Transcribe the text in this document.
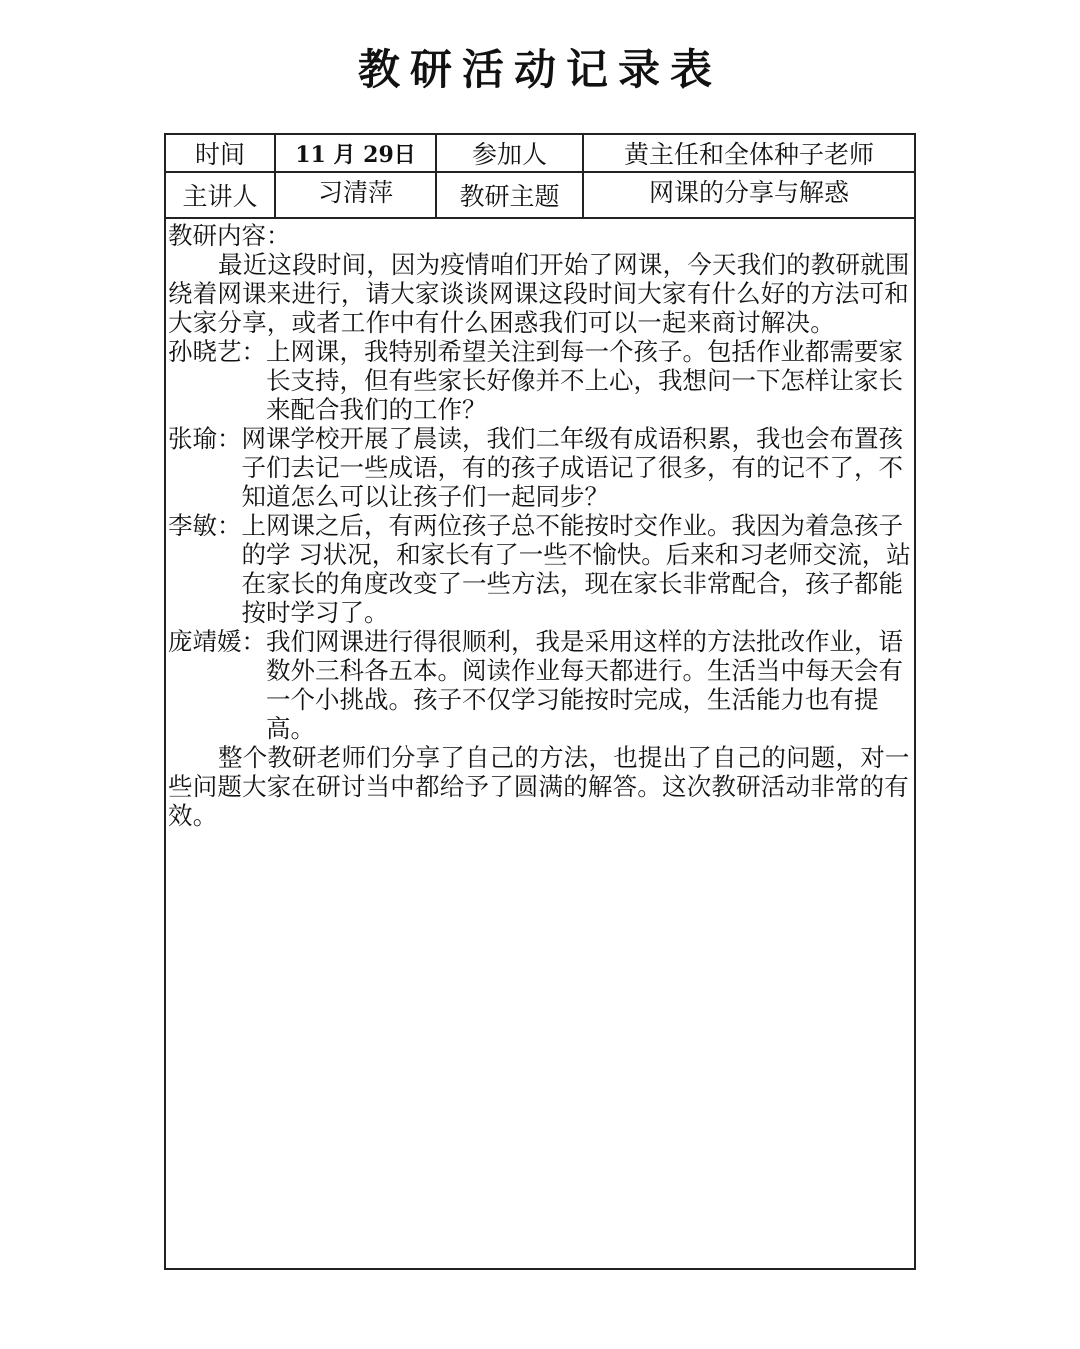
教研活动记录表
时间	11 月 29日	参加人	黄主任和全体种子老师
主讲人	习清萍	教研主题	网课的分享与解惑

教研内容：

最近这段时间，因为疫情咱们开始了网课，今天我们的教研就围绕着网课来进行，请大家谈谈网课这段时间大家有什么好的方法可和大家分享，或者工作中有什么困惑我们可以一起来商讨解决。

孙晓艺： 上网课，我特别希望关注到每一个孩子。包括作业都需要家长支持，但有些家长好像并不上心，我想问一下怎样让家长来配合我们的工作？
张瑜： 网课学校开展了晨读，我们二年级有成语积累，我也会布置孩子们去记一些成语，有的孩子成语记了很多，有的记不了，不知道怎么可以让孩子们一起同步？
李敏： 上网课之后，有两位孩子总不能按时交作业。我因为着急孩子的学 习状况，和家长有了一些不愉快。后来和习老师交流，站在家长的角度改变了一些方法，现在家长非常配合，孩子都能按时学习了。
庞靖媛： 我们网课进行得很顺利，我是采用这样的方法批改作业，语数外三科各五本。阅读作业每天都进行。生活当中每天会有一个小挑战。孩子不仅学习能按时完成，生活能力也有提高。

整个教研老师们分享了自己的方法，也提出了自己的问题，对一些问题大家在研讨当中都给予了圆满的解答。这次教研活动非常的有效。
